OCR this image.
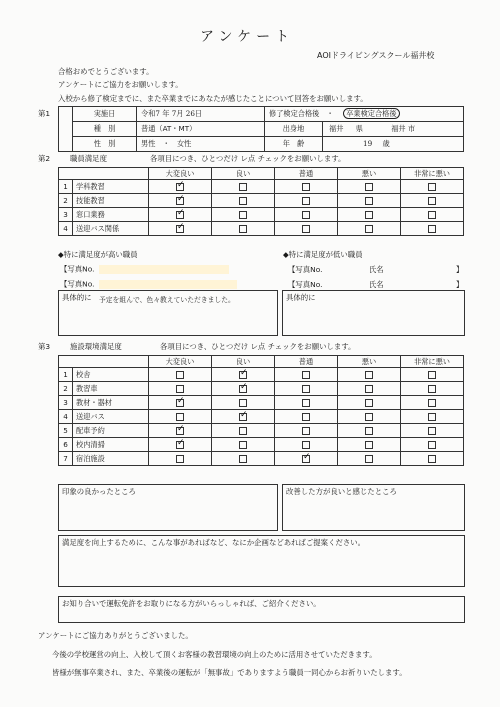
アンケート
AOIドライビングスクール福井校
合格おめでとうございます。
アンケートにご協力をお願いします。
入校から修了検定までに、また卒業までにあなたが感じたことについて回答をお願いします。
第1
		実施日	令和7 年 7月 26日	修了検定合格後　・　 卒業検定合格後	
	種　別	普通（AT・MT）	出身地	福井 県 福井 市
	性　別	男性　・　女性	年　齢	19 歳
第2	職員満足度	各項目につき、ひとつだけ レ点 チェックをお願いします。
		大変良い	良い	普通	悪い	非常に悪い
1	学科教習	✓				
2	技能教習	✓				
3	窓口業務	✓				
4	送迎バス関係	✓				
◆特に満足度が高い職員	◆特に満足度が低い職員
【写真No.
【写真No.
【写真No.	氏名	】
【写真No.	氏名	】
具体的に 予定を組んで、色々教えていただきました。	具体的に
第3	施設環境満足度	各項目につき、ひとつだけ レ点 チェックをお願いします。
		大変良い	良い	普通	悪い	非常に悪い
1	校舎		✓			
2	教習車		✓			
3	教材・器材	✓				
4	送迎バス		✓			
5	配車予約	✓				
6	校内清掃	✓				
7	宿泊施設			✓		
印象の良かったところ	改善した方が良いと感じたところ
満足度を向上するために、こんな事があればなど、なにか企画などあればご提案ください。
お知り合いで運転免許をお取りになる方がいらっしゃれば、ご紹介ください。
アンケートにご協力ありがとうございました。
今後の学校運営の向上、入校して頂くお客様の教習環境の向上のために活用させていただきます。
皆様が無事卒業され、また、卒業後の運転が「無事故」でありますよう職員一同心からお祈りいたします。
